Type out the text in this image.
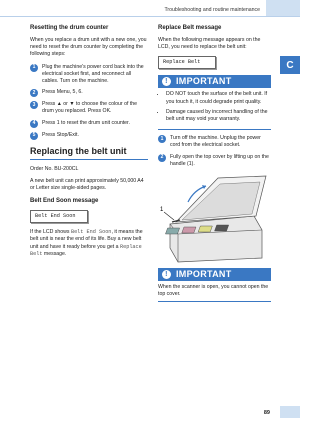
Troubleshooting and routine maintenance
C
Resetting the drum counter

When you replace a drum unit with a new one, you need to reset the drum counter by completing the following steps:

1	Plug the machine's power cord back into the electrical socket first, and reconnect all cables. Turn on the machine.
2	Press Menu, 5, 6.
3	Press ▲ or ▼ to choose the colour of the drum you replaced. Press OK.
4	Press 1 to reset the drum unit counter.
5	Press Stop/Exit.
Replacing the belt unit

Order No. BU-200CL

A new belt unit can print approximately 50,000 A4 or Letter size single-sided pages.

Belt End Soon message
Belt End Soon

If the LCD shows Belt End Soon, it means the belt unit is near the end of its life. Buy a new belt unit and have it ready before you get a Replace Belt message.

Replace Belt message

When the following message appears on the LCD, you need to replace the belt unit:

Replace Belt
! IMPORTANT
• DO NOT touch the surface of the belt unit. If you touch it, it could degrade print quality.
• Damage caused by incorrect handling of the belt unit may void your warranty.
1	Turn off the machine. Unplug the power cord from the electrical socket.
2	Fully open the top cover by lifting up on the handle (1).
1
! IMPORTANT

When the scanner is open, you cannot open the top cover.

89
